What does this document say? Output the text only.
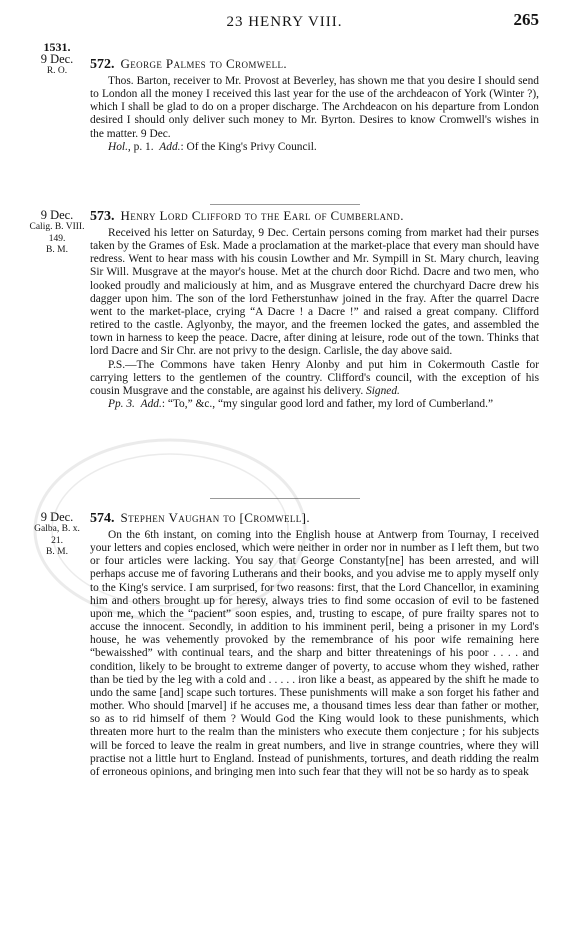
23 HENRY VIII.	265
1531.
9 Dec.
R. O.	572. George Palmes to Cromwell.

Thos. Barton, receiver to Mr. Provost at Beverley, has shown me that you desire I should send to London all the money I received this last year for the use of the archdeacon of York (Winter ?), which I shall be glad to do on a proper discharge. The Archdeacon on his departure from London desired I should only deliver such money to Mr. Byrton. Desires to know Cromwell's wishes in the matter. 9 Dec.

Hol., p. 1. Add.: Of the King's Privy Council.

9 Dec.
Calig. B. VIII.
149.
B. M.
573. Henry Lord Clifford to the Earl of Cumberland.

Received his letter on Saturday, 9 Dec. Certain persons coming from market had their purses taken by the Grames of Esk. Made a proclamation at the market-place that every man should have redress. Went to hear mass with his cousin Lowther and Mr. Sympill in St. Mary church, leaving Sir Will. Musgrave at the mayor's house. Met at the church door Richd. Dacre and two men, who looked proudly and maliciously at him, and as Musgrave entered the churchyard Dacre drew his dagger upon him. The son of the lord Fetherstunhaw joined in the fray. After the quarrel Dacre went to the market-place, crying “A Dacre ! a Dacre !” and raised a great company. Clifford retired to the castle. Aglyonby, the mayor, and the freemen locked the gates, and assembled the town in harness to keep the peace. Dacre, after dining at leisure, rode out of the town. Thinks that lord Dacre and Sir Chr. are not privy to the design. Carlisle, the day above said.

P.S.—The Commons have taken Henry Alonby and put him in Cokermouth Castle for carrying letters to the gentlemen of the country. Clifford's council, with the exception of his cousin Musgrave and the constable, are against his delivery. Signed.

Pp. 3. Add.: “To,” &c., “my singular good lord and father, my lord of Cumberland.”

9 Dec.
Galba, B. x.
21.
B. M.
574. Stephen Vaughan to [Cromwell].

On the 6th instant, on coming into the English house at Antwerp from Tournay, I received your letters and copies enclosed, which were neither in order nor in number as I left them, but two or four articles were lacking. You say that George Constanty[ne] has been arrested, and will perhaps accuse me of favoring Lutherans and their books, and you advise me to apply myself only to the King's service. I am surprised, for two reasons: first, that the Lord Chancellor, in examining him and others brought up for heresy, always tries to find some occasion of evil to be fastened upon me, which the “pacient” soon espies, and, trusting to escape, of pure frailty spares not to accuse the innocent. Secondly, in addition to his imminent peril, being a prisoner in my Lord's house, he was vehemently provoked by the remembrance of his poor wife remaining here “bewaisshed” with continual tears, and the sharp and bitter threatenings of his poor . . . . and condition, likely to be brought to extreme danger of poverty, to accuse whom they wished, rather than be tied by the leg with a cold and . . . . . iron like a beast, as appeared by the shift he made to undo the same [and] scape such tortures. These punishments will make a son forget his father and mother. Who should [marvel] if he accuses me, a thousand times less dear than father or mother, so as to rid himself of them ? Would God the King would look to these punishments, which threaten more hurt to the realm than the ministers who execute them conjecture ; for his subjects will be forced to leave the realm in great numbers, and live in strange countries, where they will practise not a little hurt to England. Instead of punishments, tortures, and death ridding the realm of erroneous opinions, and bringing men into such fear that they will not be so hardy as to speak
